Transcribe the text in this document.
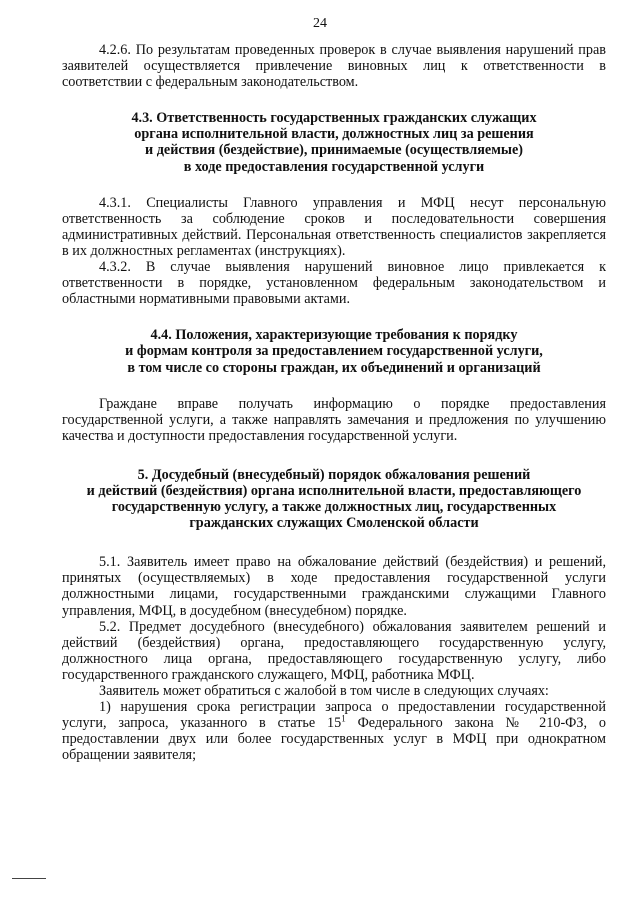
24

4.2.6. По результатам проведенных проверок в случае выявления нарушений прав заявителей осуществляется привлечение виновных лиц к ответственности в соответствии с федеральным законодательством.

4.3. Ответственность государственных гражданских служащих
органа исполнительной власти, должностных лиц за решения
и действия (бездействие), принимаемые (осуществляемые)
в ходе предоставления государственной услуги

4.3.1. Специалисты Главного управления и МФЦ несут персональную ответственность за соблюдение сроков и последовательности совершения административных действий. Персональная ответственность специалистов закрепляется в их должностных регламентах (инструкциях).

4.3.2. В случае выявления нарушений виновное лицо привлекается к ответственности в порядке, установленном федеральным законодательством и областными нормативными правовыми актами.

4.4. Положения, характеризующие требования к порядку
и формам контроля за предоставлением государственной услуги,
в том числе со стороны граждан, их объединений и организаций

Граждане вправе получать информацию о порядке предоставления государственной услуги, а также направлять замечания и предложения по улучшению качества и доступности предоставления государственной услуги.

5. Досудебный (внесудебный) порядок обжалования решений
и действий (бездействия) органа исполнительной власти, предоставляющего
государственную услугу, а также должностных лиц, государственных
гражданских служащих Смоленской области

5.1. Заявитель имеет право на обжалование действий (бездействия) и решений, принятых (осуществляемых) в ходе предоставления государственной услуги должностными лицами, государственными гражданскими служащими Главного управления, МФЦ, в досудебном (внесудебном) порядке.

5.2. Предмет досудебного (внесудебного) обжалования заявителем решений и действий (бездействия) органа, предоставляющего государственную услугу, должностного лица органа, предоставляющего государственную услугу, либо государственного гражданского служащего, МФЦ, работника МФЦ.

Заявитель может обратиться с жалобой в том числе в следующих случаях:

1) нарушения срока регистрации запроса о предоставлении государственной услуги, запроса, указанного в статье $15^1$ Федерального закона № 210-ФЗ, о предоставлении двух или более государственных услуг в МФЦ при однократном обращении заявителя;
